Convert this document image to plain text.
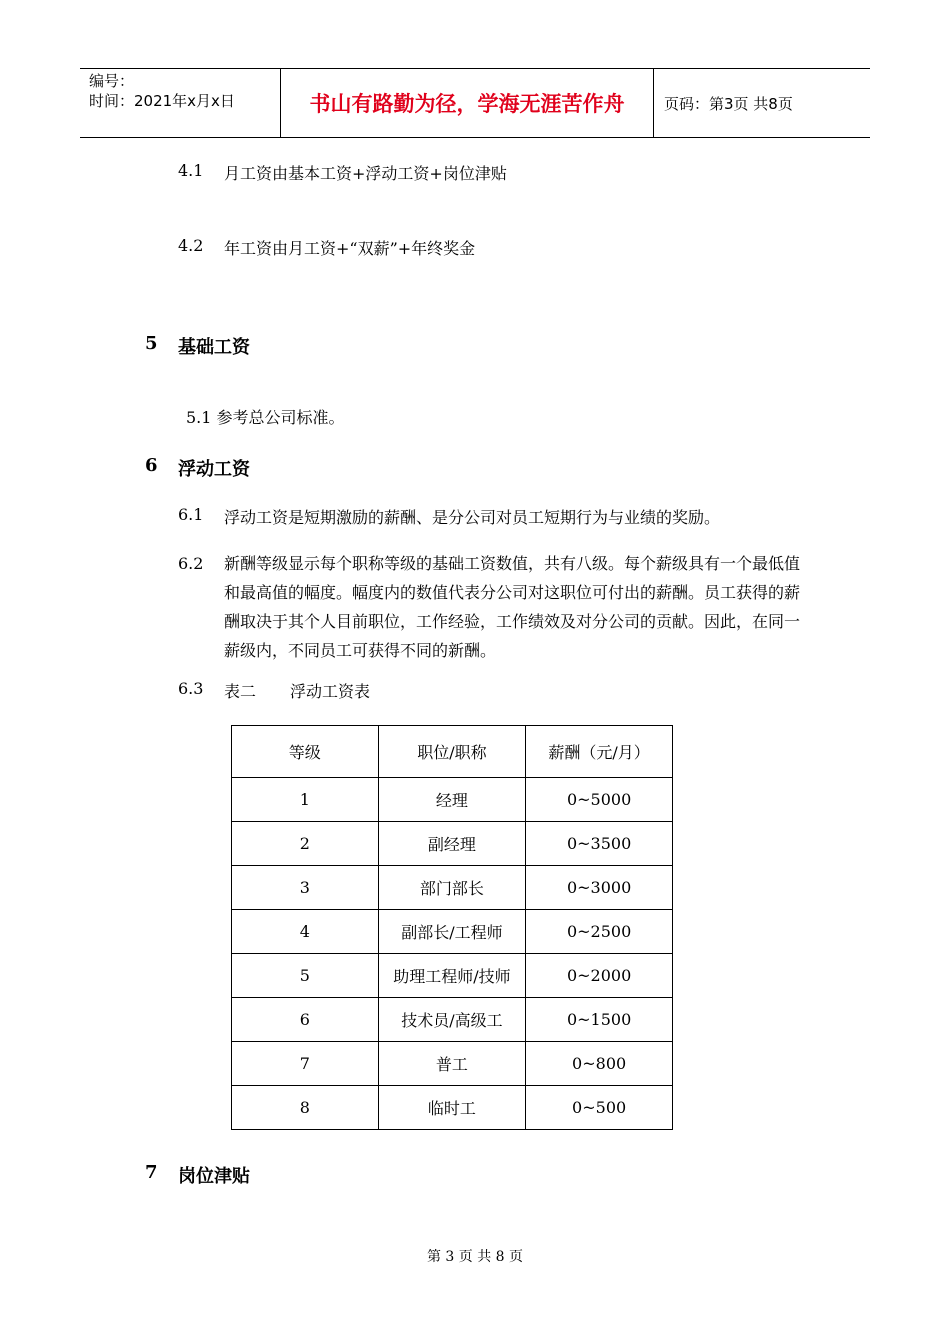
编号：
时间：2021年x月x日	书山有路勤为径，学海无涯苦作舟	页码：第3页 共8页
4.1 月工资由基本工资+浮动工资+岗位津贴
4.2 年工资由月工资+“双薪”+年终奖金
5 基础工资
5.1 参考总公司标准。
6 浮动工资
6.1 浮动工资是短期激励的薪酬、是分公司对员工短期行为与业绩的奖励。
6.2 新酬等级显示每个职称等级的基础工资数值，共有八级。每个薪级具有一个最低值和最高值的幅度。幅度内的数值代表分公司对这职位可付出的薪酬。员工获得的薪酬取决于其个人目前职位，工作经验，工作绩效及对分公司的贡献。因此，在同一薪级内，不同员工可获得不同的新酬。
6.3 表二 浮动工资表
等级	职位/职称	薪酬（元/月）
1	经理	0~5000
2	副经理	0~3500
3	部门部长	0~3000
4	副部长/工程师	0~2500
5	助理工程师/技师	0~2000
6	技术员/高级工	0~1500
7	普工	0~800
8	临时工	0~500
7 岗位津贴
第 3 页 共 8 页
